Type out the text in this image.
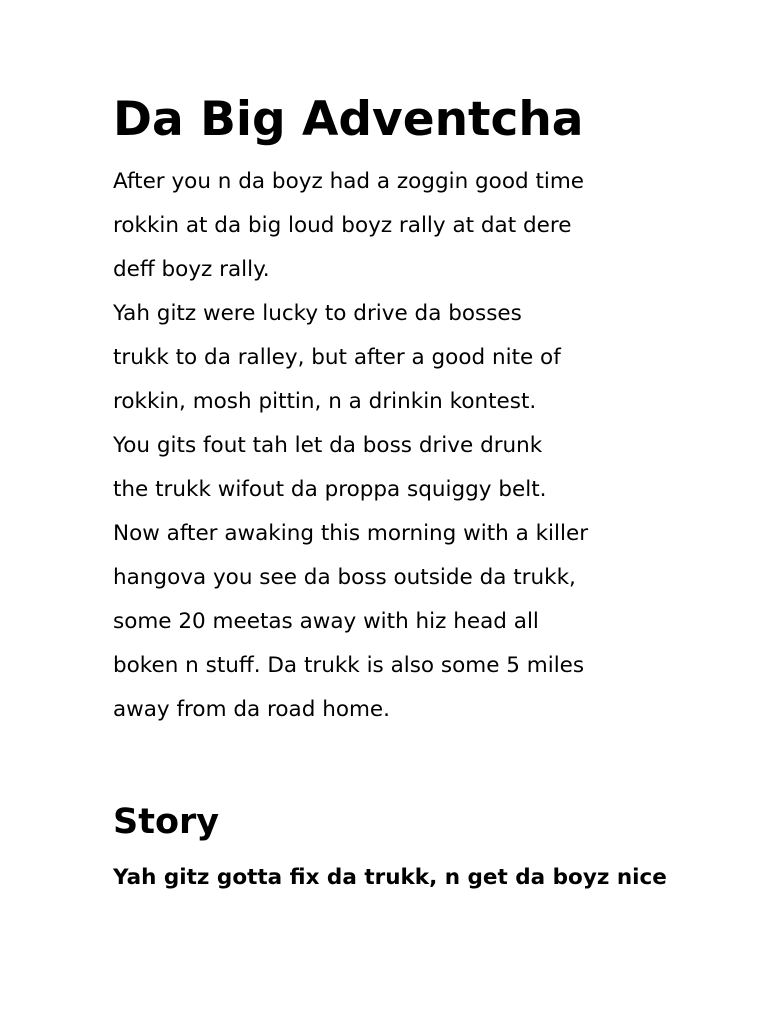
Da Big Adventcha
After you n da boyz had a zoggin good time
rokkin at da big loud boyz rally at dat dere
deff boyz rally.
Yah gitz were lucky to drive da bosses
trukk to da ralley, but after a good nite of
rokkin, mosh pittin, n a drinkin kontest.
You gits fout tah let da boss drive drunk
the trukk wifout da proppa squiggy belt.
Now after awaking this morning with a killer
hangova you see da boss outside da trukk,
some 20 meetas away with hiz head all
boken n stuff. Da trukk is also some 5 miles
away from da road home.
Story
Yah gitz gotta fix da trukk, n get da boyz nice
